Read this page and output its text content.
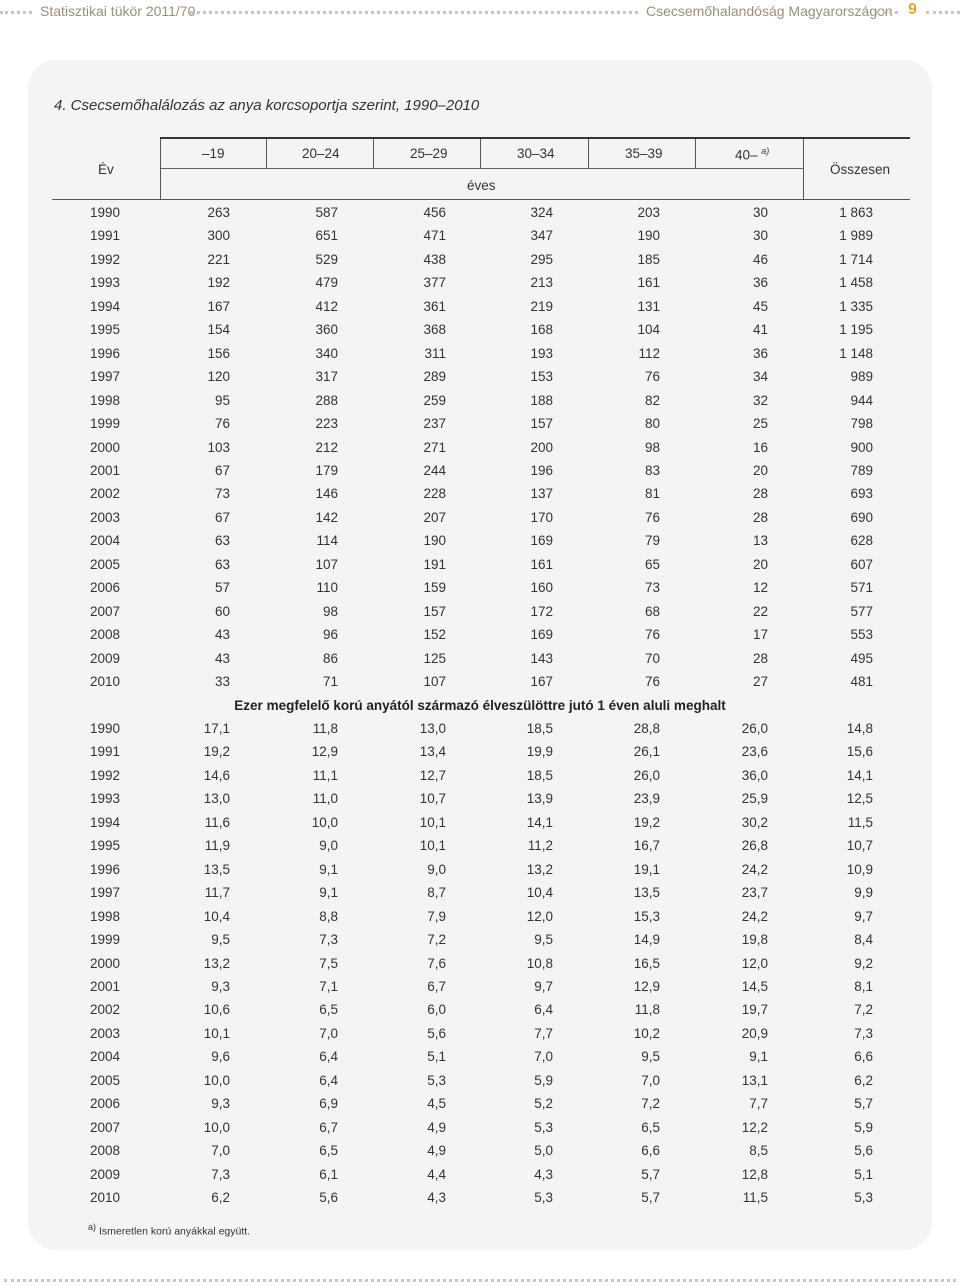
Statisztikai tükör 2011/70	Csecsemőhalandóság Magyarországon 9
4. Csecsemőhalálozás az anya korcsoportja szerint, 1990–2010
Év
–19	20–24	25–29	30–34	35–39	40– $^{a)}$
éves
Összesen
1990	263	587	456	324	203	30	1 863
1991	300	651	471	347	190	30	1 989
1992	221	529	438	295	185	46	1 714
1993	192	479	377	213	161	36	1 458
1994	167	412	361	219	131	45	1 335
1995	154	360	368	168	104	41	1 195
1996	156	340	311	193	112	36	1 148
1997	120	317	289	153	76	34	989
1998	95	288	259	188	82	32	944
1999	76	223	237	157	80	25	798
2000	103	212	271	200	98	16	900
2001	67	179	244	196	83	20	789
2002	73	146	228	137	81	28	693
2003	67	142	207	170	76	28	690
2004	63	114	190	169	79	13	628
2005	63	107	191	161	65	20	607
2006	57	110	159	160	73	12	571
2007	60	98	157	172	68	22	577
2008	43	96	152	169	76	17	553
2009	43	86	125	143	70	28	495
2010	33	71	107	167	76	27	481
Ezer megfelelő korú anyától származó élveszülöttre jutó 1 éven aluli meghalt
1990	17,1	11,8	13,0	18,5	28,8	26,0	14,8
1991	19,2	12,9	13,4	19,9	26,1	23,6	15,6
1992	14,6	11,1	12,7	18,5	26,0	36,0	14,1
1993	13,0	11,0	10,7	13,9	23,9	25,9	12,5
1994	11,6	10,0	10,1	14,1	19,2	30,2	11,5
1995	11,9	9,0	10,1	11,2	16,7	26,8	10,7
1996	13,5	9,1	9,0	13,2	19,1	24,2	10,9
1997	11,7	9,1	8,7	10,4	13,5	23,7	9,9
1998	10,4	8,8	7,9	12,0	15,3	24,2	9,7
1999	9,5	7,3	7,2	9,5	14,9	19,8	8,4
2000	13,2	7,5	7,6	10,8	16,5	12,0	9,2
2001	9,3	7,1	6,7	9,7	12,9	14,5	8,1
2002	10,6	6,5	6,0	6,4	11,8	19,7	7,2
2003	10,1	7,0	5,6	7,7	10,2	20,9	7,3
2004	9,6	6,4	5,1	7,0	9,5	9,1	6,6
2005	10,0	6,4	5,3	5,9	7,0	13,1	6,2
2006	9,3	6,9	4,5	5,2	7,2	7,7	5,7
2007	10,0	6,7	4,9	5,3	6,5	12,2	5,9
2008	7,0	6,5	4,9	5,0	6,6	8,5	5,6
2009	7,3	6,1	4,4	4,3	5,7	12,8	5,1
2010	6,2	5,6	4,3	5,3	5,7	11,5	5,3
$^{a)}$ Ismeretlen korú anyákkal együtt.
